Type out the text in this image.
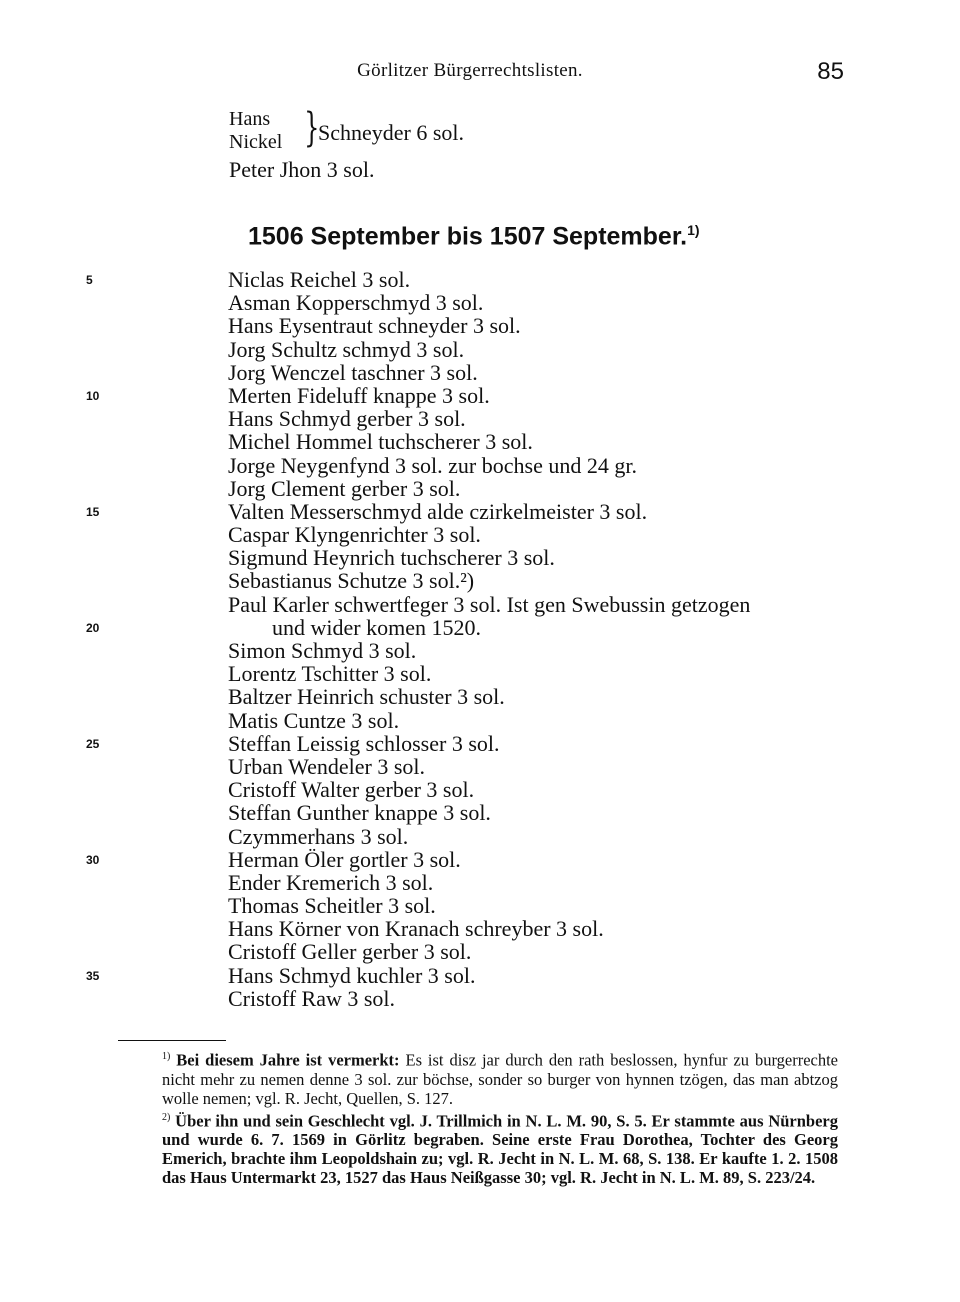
Görlitzer Bürgerrechtslisten.	85
Hans
Nickel }
Schneyder 6 sol.
Peter Jhon 3 sol.
1506 September bis 1507 September.$^{1)}$
5
10
15
20
25
30
35
Niclas Reichel 3 sol.
Asman Kopperschmyd 3 sol.
Hans Eysentraut schneyder 3 sol.
Jorg Schultz schmyd 3 sol.
Jorg Wenczel taschner 3 sol.
Merten Fideluff knappe 3 sol.
Hans Schmyd gerber 3 sol.
Michel Hommel tuchscherer 3 sol.
Jorge Neygenfynd 3 sol. zur bochse und 24 gr.
Jorg Clement gerber 3 sol.
Valten Messerschmyd alde czirkelmeister 3 sol.
Caspar Klyngenrichter 3 sol.
Sigmund Heynrich tuchscherer 3 sol.
Sebastianus Schutze 3 sol.²)
Paul Karler schwertfeger 3 sol. Ist gen Swebussin getzogen
und wider komen 1520.
Simon Schmyd 3 sol.
Lorentz Tschitter 3 sol.
Baltzer Heinrich schuster 3 sol.
Matis Cuntze 3 sol.
Steffan Leissig schlosser 3 sol.
Urban Wendeler 3 sol.
Cristoff Walter gerber 3 sol.
Steffan Gunther knappe 3 sol.
Czymmerhans 3 sol.
Herman Öler gortler 3 sol.
Ender Kremerich 3 sol.
Thomas Scheitler 3 sol.
Hans Körner von Kranach schreyber 3 sol.
Cristoff Geller gerber 3 sol.
Hans Schmyd kuchler 3 sol.
Cristoff Raw 3 sol.

$^{1)}$ Bei diesem Jahre ist vermerkt: Es ist disz jar durch den rath beslossen, hynfur zu burgerrechte nicht mehr zu nemen denne 3 sol. zur böchse, sonder so burger von hynnen tzögen, das man abtzog wolle nemen; vgl. R. Jecht, Quellen, S. 127.

$^{2)}$ Über ihn und sein Geschlecht vgl. J. Trillmich in N. L. M. 90, S. 5. Er stammte aus Nürnberg und wurde 6. 7. 1569 in Görlitz begraben. Seine erste Frau Dorothea, Tochter des Georg Emerich, brachte ihm Leopoldshain zu; vgl. R. Jecht in N. L. M. 68, S. 138. Er kaufte 1. 2. 1508 das Haus Untermarkt 23, 1527 das Haus Neißgasse 30; vgl. R. Jecht in N. L. M. 89, S. 223/24.
